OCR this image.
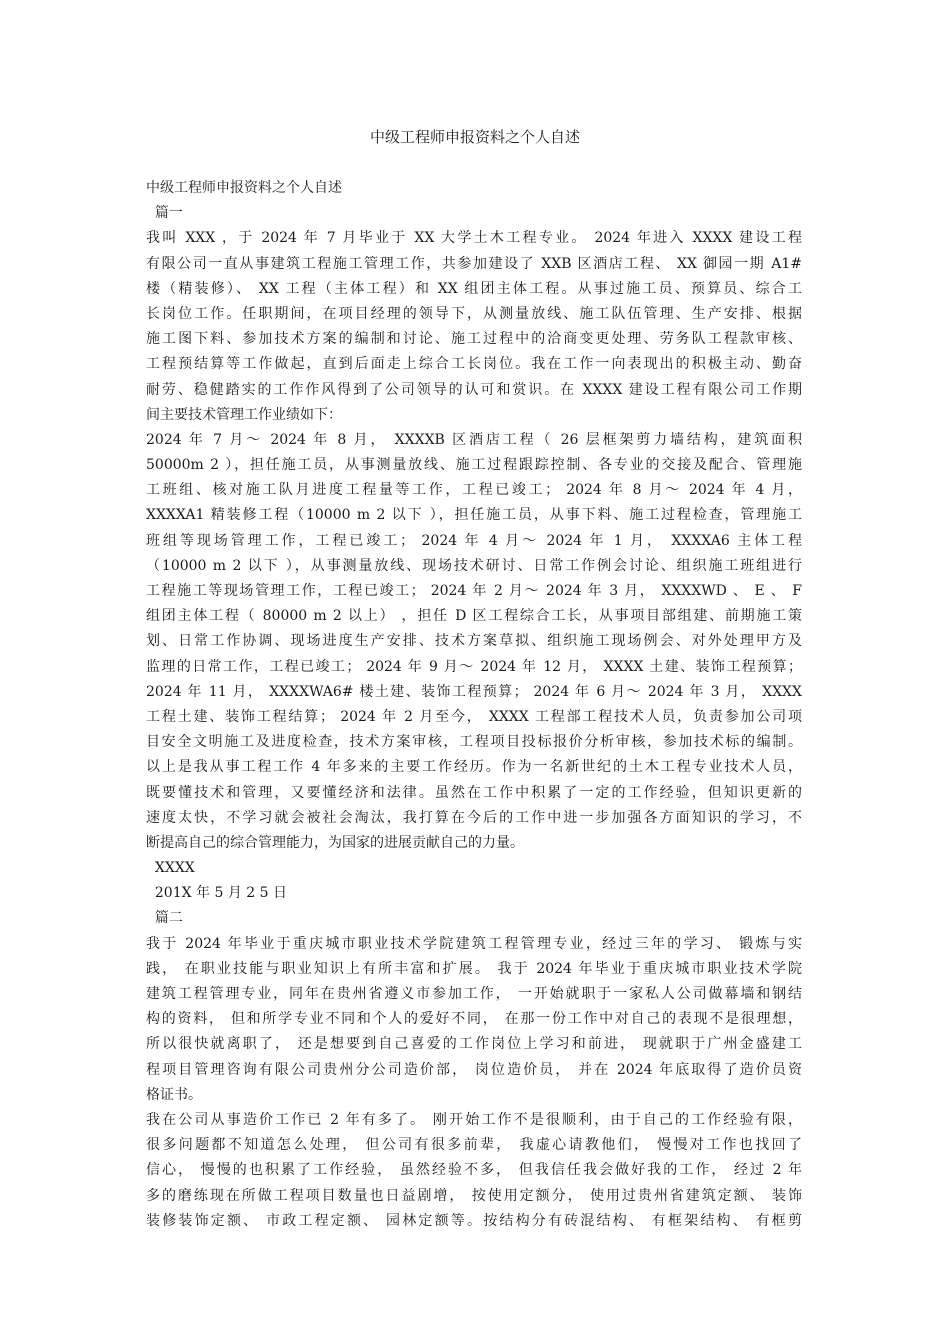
中级工程师申报资料之个人自述
中级工程师申报资料之个人自述
篇一
我叫 XXX ，于 2024 年 7 月毕业于 XX 大学土木工程专业。 2024 年进入 XXXX 建设工程
有限公司一直从事建筑工程施工管理工作，共参加建设了 XXB 区酒店工程、 XX 御园一期 A1#
楼（精装修）、 XX 工程（主体工程）和 XX 组团主体工程。从事过施工员、预算员、综合工
长岗位工作。任职期间，在项目经理的领导下，从测量放线、施工队伍管理、生产安排、根据
施工图下料、参加技术方案的编制和讨论、施工过程中的洽商变更处理、劳务队工程款审核、
工程预结算等工作做起，直到后面走上综合工长岗位。我在工作一向表现出的积极主动、勤奋
耐劳、稳健踏实的工作作风得到了公司领导的认可和赏识。在 XXXX 建设工程有限公司工作期
间主要技术管理工作业绩如下：
2024 年 7 月～ 2024 年 8 月， XXXXB 区酒店工程（ 26 层框架剪力墙结构，建筑面积
50000m 2 ），担任施工员，从事测量放线、施工过程跟踪控制、各专业的交接及配合、管理施
工班组、核对施工队月进度工程量等工作，工程已竣工； 2024 年 8 月～ 2024 年 4 月，
XXXXA1 精装修工程（10000 m 2 以下 ），担任施工员，从事下料、施工过程检查，管理施工
班组等现场管理工作，工程已竣工； 2024 年 4 月～ 2024 年 1 月， XXXXA6 主体工程
（10000 m 2 以下 ），从事测量放线、现场技术研讨、日常工作例会讨论、组织施工班组进行
工程施工等现场管理工作，工程已竣工； 2024 年 2 月～ 2024 年 3 月， XXXXWD 、 E 、 F
组团主体工程（ 80000 m 2 以上） ，担任 D 区工程综合工长，从事项目部组建、前期施工策
划、日常工作协调、现场进度生产安排、技术方案草拟、组织施工现场例会、对外处理甲方及
监理的日常工作，工程已竣工； 2024 年 9 月～ 2024 年 12 月， XXXX 土建、装饰工程预算；
2024 年 11 月， XXXXWA6# 楼土建、装饰工程预算； 2024 年 6 月～ 2024 年 3 月， XXXX
工程土建、装饰工程结算； 2024 年 2 月至今， XXXX 工程部工程技术人员，负责参加公司项
目安全文明施工及进度检查，技术方案审核，工程项目投标报价分析审核，参加技术标的编制。
以上是我从事工程工作 4 年多来的主要工作经历。作为一名新世纪的土木工程专业技术人员，
既要懂技术和管理，又要懂经济和法律。虽然在工作中积累了一定的工作经验，但知识更新的
速度太快，不学习就会被社会淘汰，我打算在今后的工作中进一步加强各方面知识的学习，不
断提高自己的综合管理能力，为国家的进展贡献自己的力量。
XXXX
201X 年 5 月 2 5 日
篇二
我于 2024 年毕业于重庆城市职业技术学院建筑工程管理专业，经过三年的学习、 锻炼与实
践， 在职业技能与职业知识上有所丰富和扩展。 我于 2024 年毕业于重庆城市职业技术学院
建筑工程管理专业，同年在贵州省遵义市参加工作， 一开始就职于一家私人公司做幕墙和钢结
构的资料， 但和所学专业不同和个人的爱好不同， 在那一份工作中对自己的表现不是很理想，
所以很快就离职了， 还是想要到自己喜爱的工作岗位上学习和前进， 现就职于广州金盛建工
程项目管理咨询有限公司贵州分公司造价部， 岗位造价员， 并在 2024 年底取得了造价员资
格证书。
我在公司从事造价工作已 2 年有多了。 刚开始工作不是很顺利，由于自己的工作经验有限，
很多问题都不知道怎么处理， 但公司有很多前辈， 我虚心请教他们， 慢慢对工作也找回了
信心， 慢慢的也积累了工作经验， 虽然经验不多， 但我信任我会做好我的工作， 经过 2 年
多的磨练现在所做工程项目数量也日益剧增， 按使用定额分， 使用过贵州省建筑定额、 装饰
装修装饰定额、 市政工程定额、 园林定额等。按结构分有砖混结构、 有框架结构、 有框剪
